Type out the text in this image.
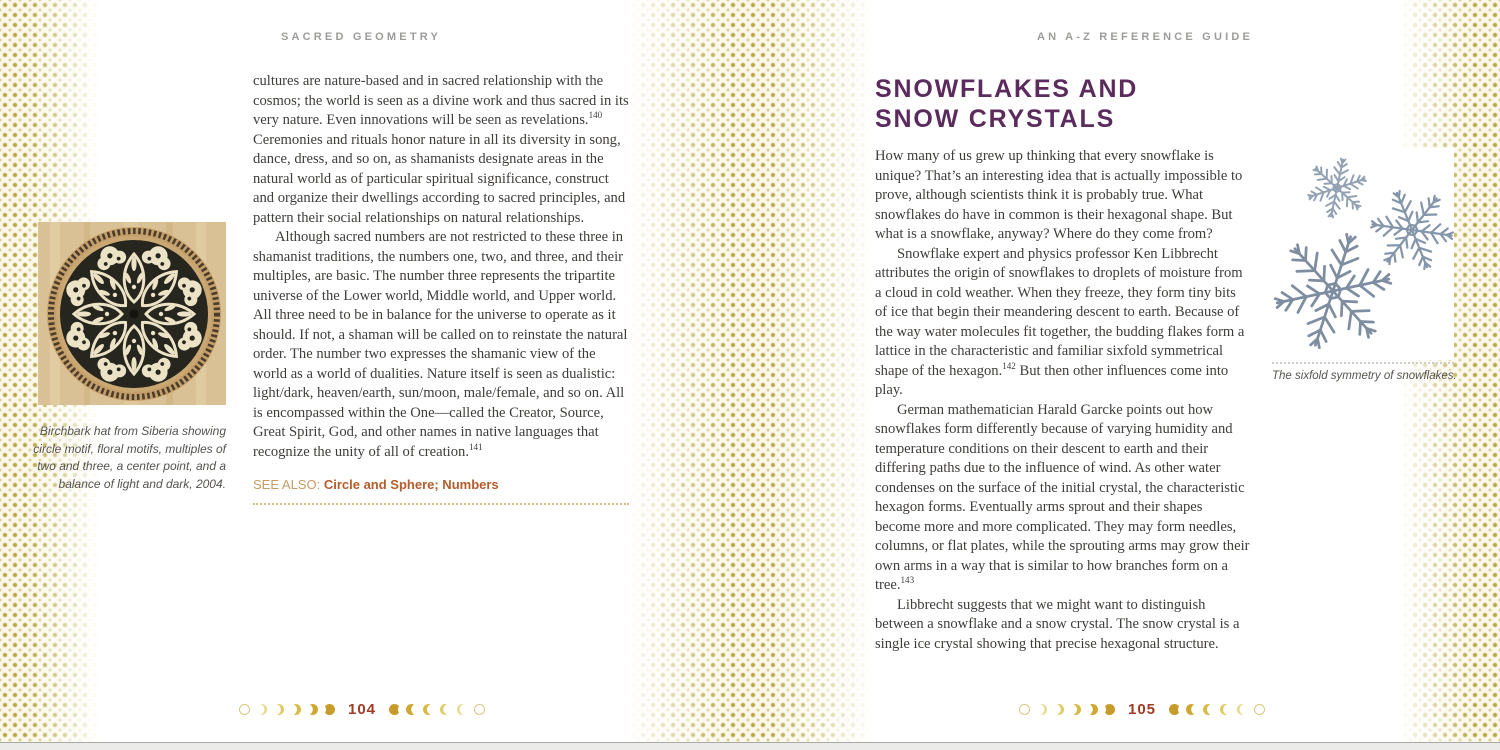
SACRED GEOMETRY	AN A-Z REFERENCE GUIDE

cultures are nature-based and in sacred relationship with the cosmos; the world is seen as a divine work and thus sacred in its very nature. Even innovations will be seen as revelations.$^{140}$ Ceremonies and rituals honor nature in all its diversity in song, dance, dress, and so on, as shamanists designate areas in the natural world as of particular spiritual significance, construct and organize their dwellings according to sacred principles, and pattern their social relationships on natural relationships.

Although sacred numbers are not restricted to these three in shamanist traditions, the numbers one, two, and three, and their multiples, are basic. The number three represents the tripartite universe of the Lower world, Middle world, and Upper world. All three need to be in balance for the universe to operate as it should. If not, a shaman will be called on to reinstate the natural order. The number two expresses the shamanic view of the world as a world of dualities. Nature itself is seen as dualistic: light/dark, heaven/earth, sun/moon, male/female, and so on. All is encompassed within the One—called the Creator, Source, Great Spirit, God, and other names in native languages that recognize the unity of all of creation.$^{141}$

SEE ALSO: Circle and Sphere; Numbers
Birchbark hat from Siberia showing circle motif, floral motifs, multiples of two and three, a center point, and a balance of light and dark, 2004.
104
SNOWFLAKES AND
SNOW CRYSTALS

How many of us grew up thinking that every snowflake is unique? That’s an interesting idea that is actually impossible to prove, although scientists think it is probably true. What snowflakes do have in common is their hexagonal shape. But what is a snowflake, anyway? Where do they come from?

Snowflake expert and physics professor Ken Libbrecht attributes the origin of snowflakes to droplets of moisture from a cloud in cold weather. When they freeze, they form tiny bits of ice that begin their meandering descent to earth. Because of the way water molecules fit together, the budding flakes form a lattice in the characteristic and familiar sixfold symmetrical shape of the hexagon.$^{142}$ But then other influences come into play.

German mathematician Harald Garcke points out how snowflakes form differently because of varying humidity and temperature conditions on their descent to earth and their differing paths due to the influence of wind. As other water condenses on the surface of the initial crystal, the characteristic hexagon forms. Eventually arms sprout and their shapes become more and more complicated. They may form needles, columns, or flat plates, while the sprouting arms may grow their own arms in a way that is similar to how branches form on a tree.$^{143}$

Libbrecht suggests that we might want to distinguish between a snowflake and a snow crystal. The snow crystal is a single ice crystal showing that precise hexagonal structure.

The sixfold symmetry of snowflakes.
105
